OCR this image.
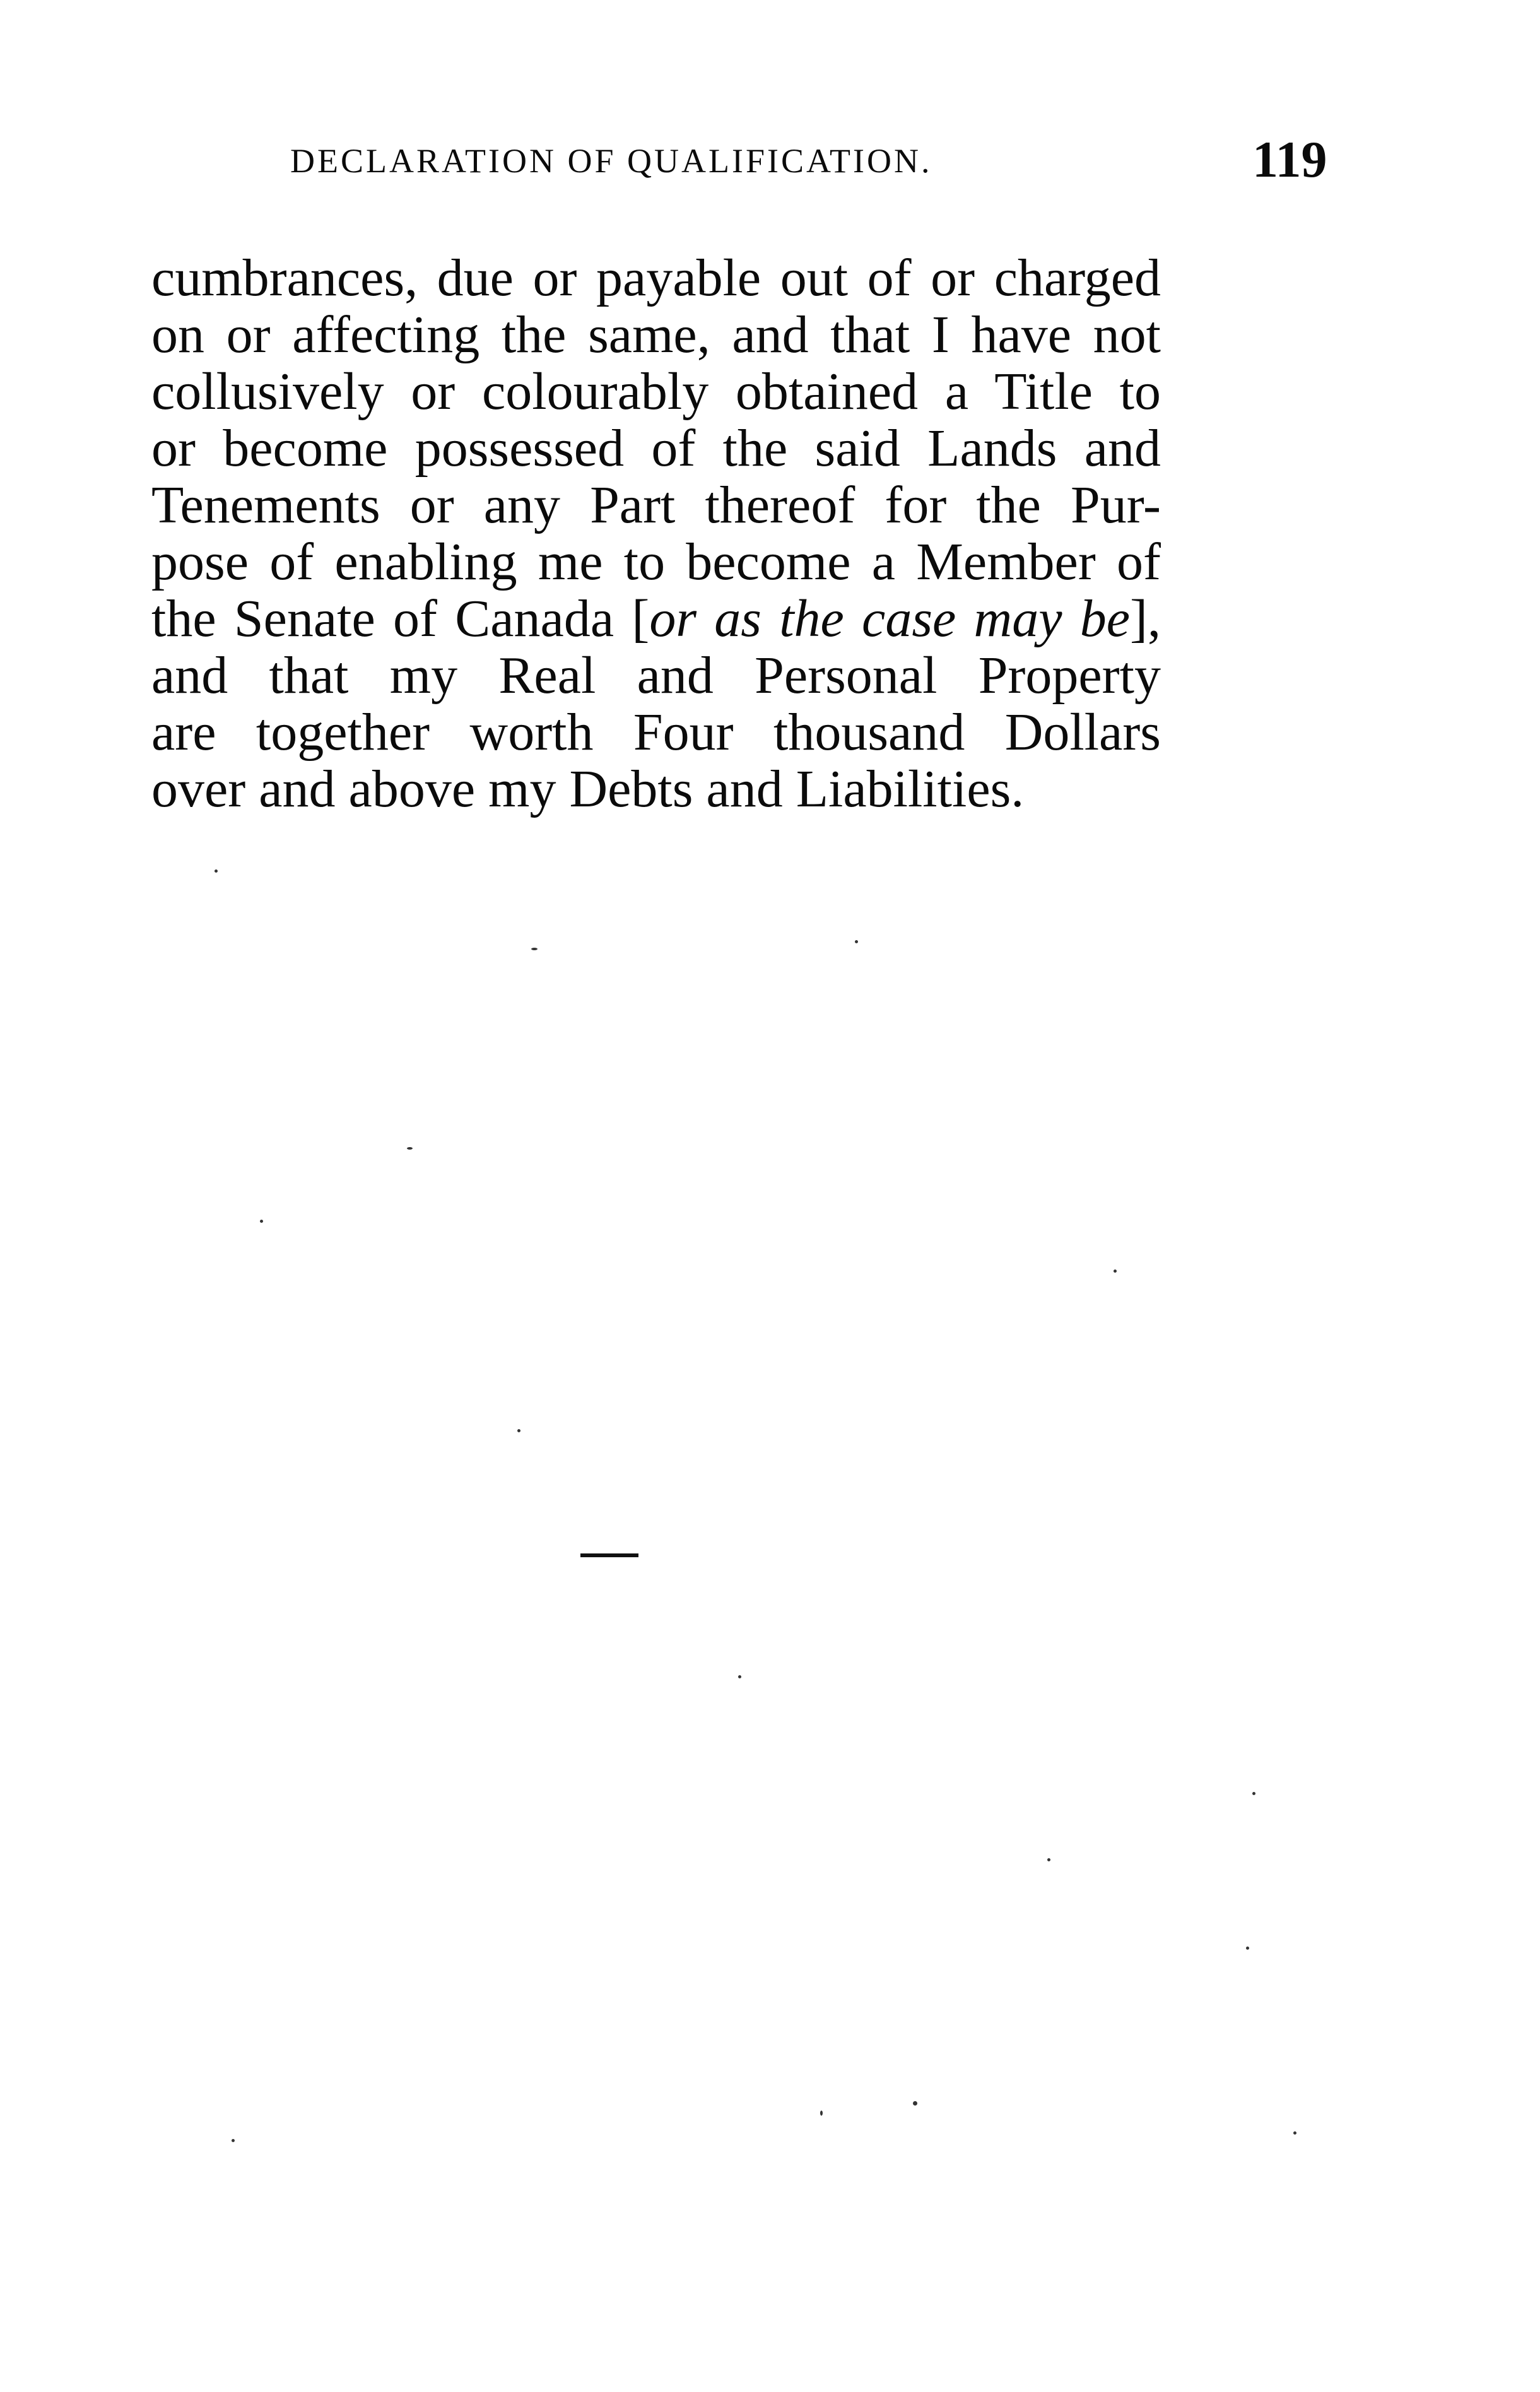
DECLARATION OF QUALIFICATION.	119
cumbrances, due or payable out of or charged
on or affecting the same, and that I have not
collusively or colourably obtained a Title to
or become possessed of the said Lands and
Tenements or any Part thereof for the Pur-
pose of enabling me to become a Member of
the Senate of Canada [or as the case may be],
and that my Real and Personal Property
are together worth Four thousand Dollars
over and above my Debts and Liabilities.
